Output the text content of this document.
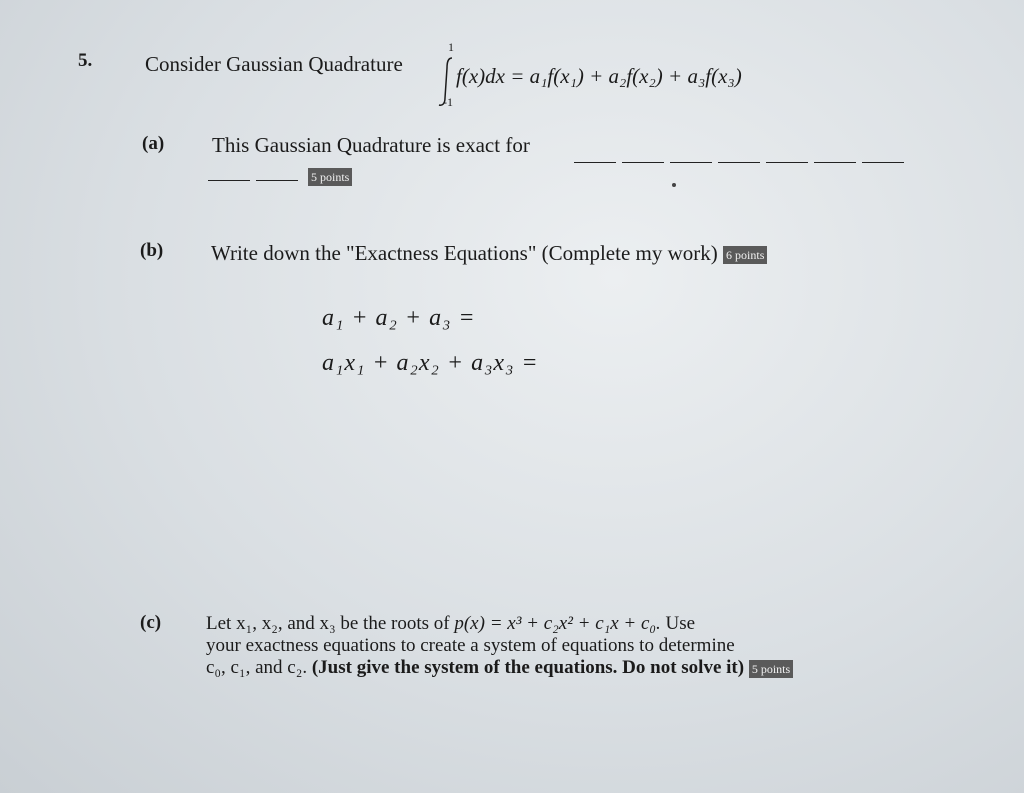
5.	Consider Gaussian Quadrature
1
-1
f(x)dx = a₁f(x₁) + a₂f(x₂) + a₃f(x₃)
(a) This Gaussian Quadrature is exact for
5 points
(b) Write down the "Exactness Equations" (Complete my work) 6 points
a₁ + a₂ + a₃ =
a₁x₁ + a₂x₂ + a₃x₃ =
(c) Let x₁, x₂, and x₃ be the roots of p(x) = x³ + c₂x² + c₁x + c₀. Use
your exactness equations to create a system of equations to determine
c₀, c₁, and c₂. (Just give the system of the equations. Do not solve it) 5 points
